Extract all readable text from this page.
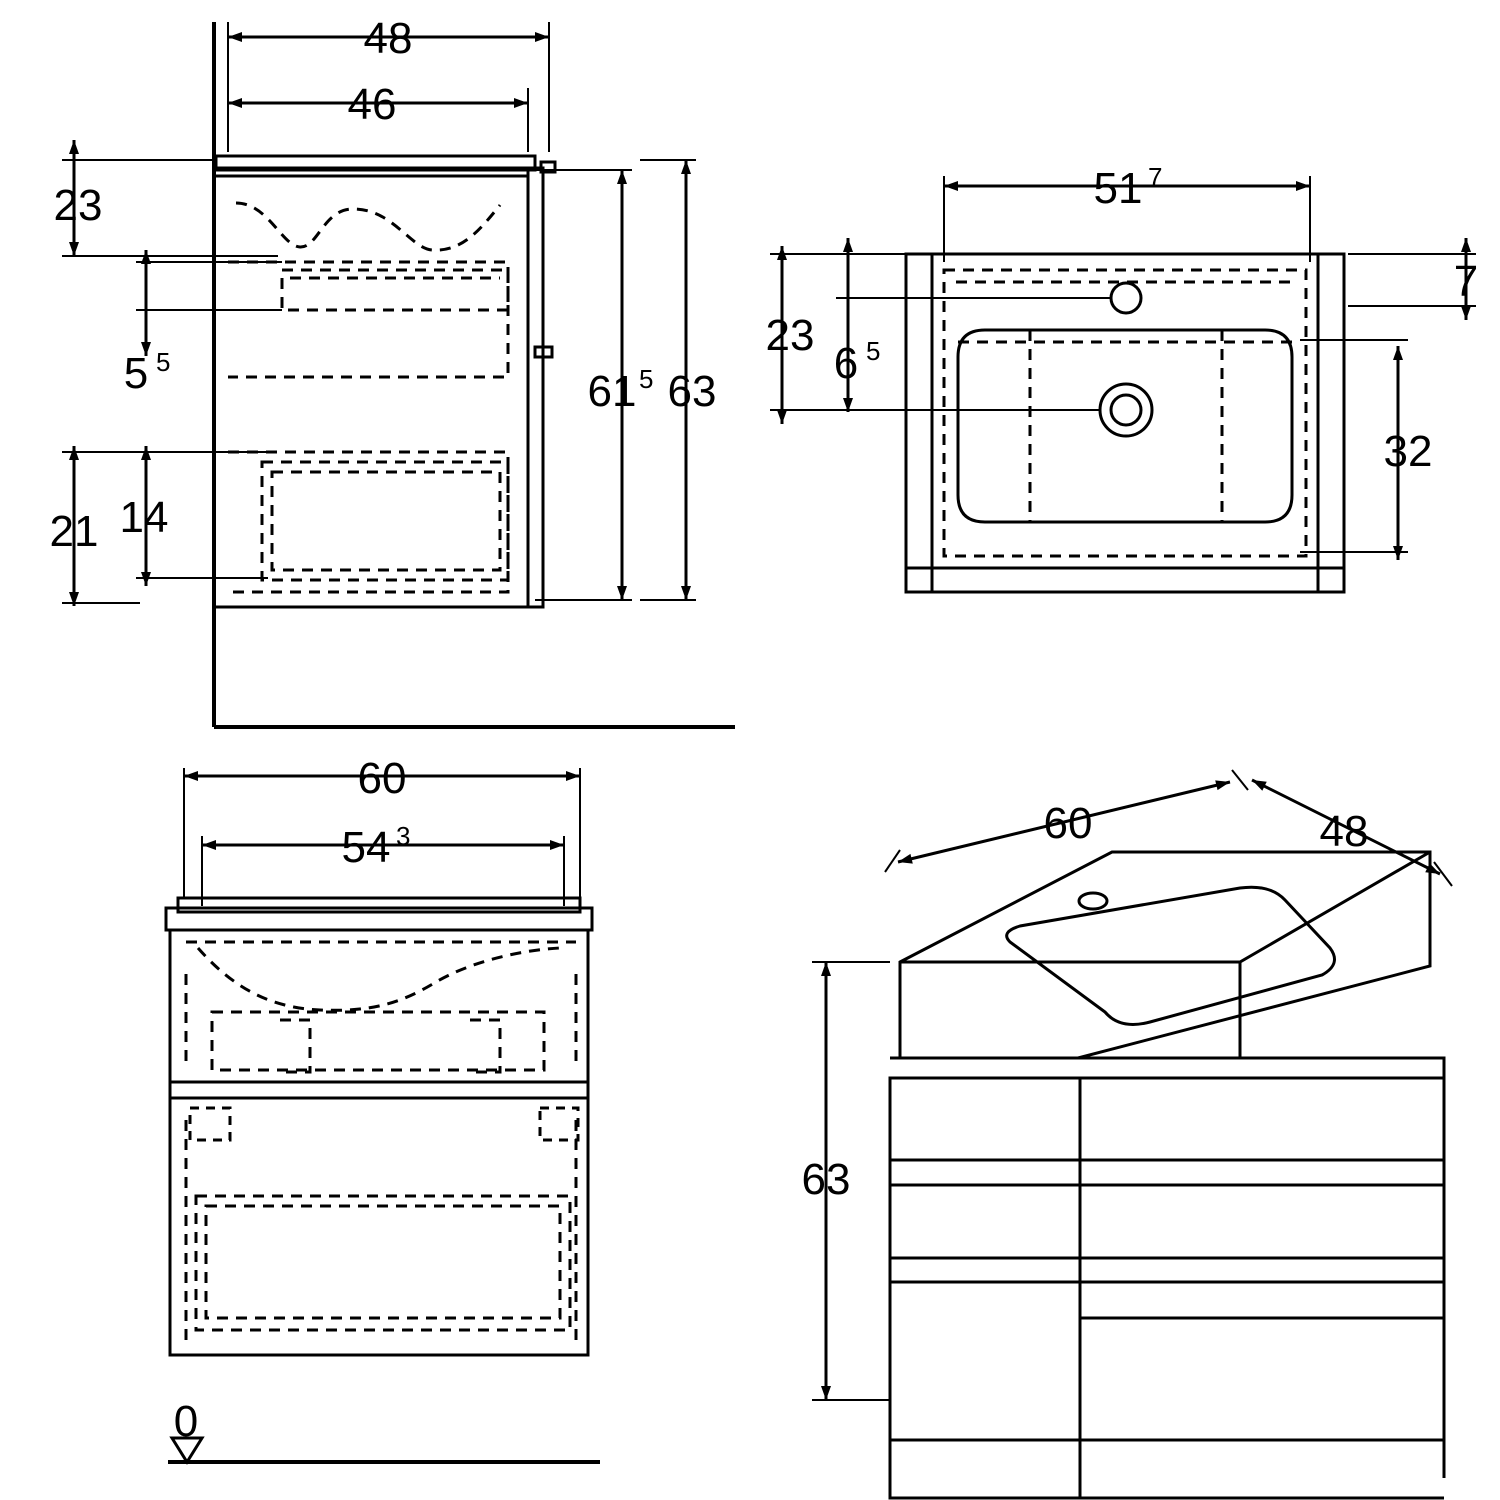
48
46
23
5 5
14
21
61 5 63
51 7
7
23
6 5
32
60
54 3
0
60	48
63
